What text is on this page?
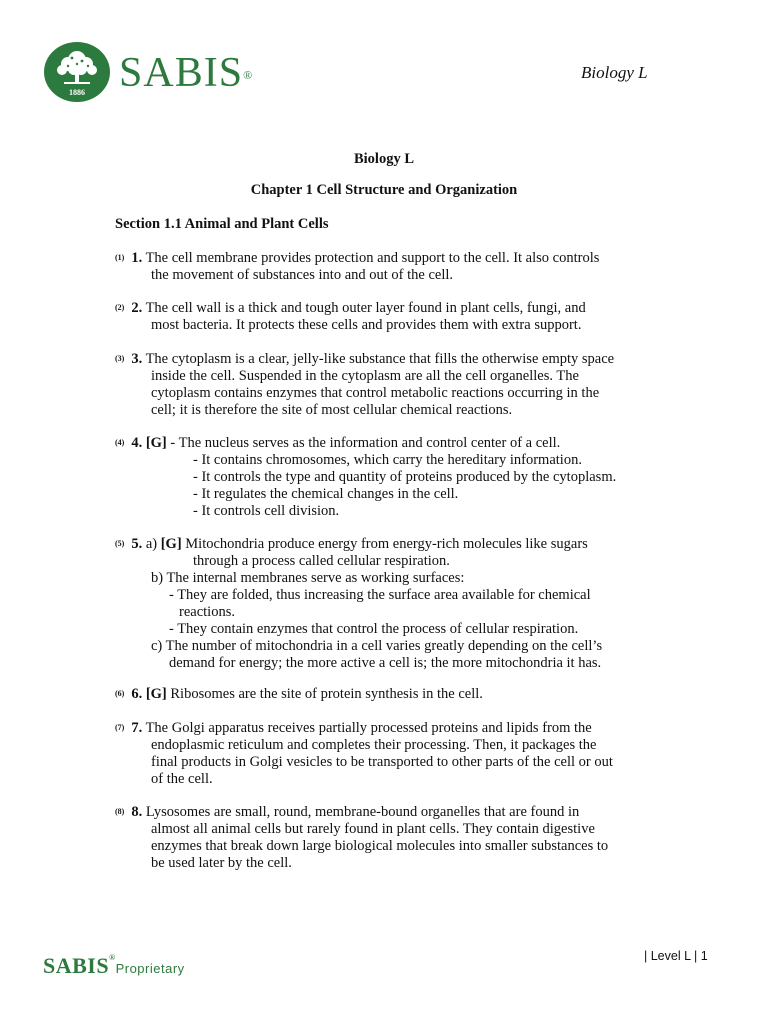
1886 SABIS®	Biology L
Biology L
Chapter 1 Cell Structure and Organization
Section 1.1 Animal and Plant Cells
$^{(1)}$ 1. The cell membrane provides protection and support to the cell. It also controls
the movement of substances into and out of the cell.
$^{(2)}$ 2. The cell wall is a thick and tough outer layer found in plant cells, fungi, and
most bacteria. It protects these cells and provides them with extra support.
$^{(3)}$ 3. The cytoplasm is a clear, jelly-like substance that fills the otherwise empty space
inside the cell. Suspended in the cytoplasm are all the cell organelles. The
cytoplasm contains enzymes that control metabolic reactions occurring in the
cell; it is therefore the site of most cellular chemical reactions.
$^{(4)}$ 4. [G] - The nucleus serves as the information and control center of a cell.
- It contains chromosomes, which carry the hereditary information.
- It controls the type and quantity of proteins produced by the cytoplasm.
- It regulates the chemical changes in the cell.
- It controls cell division.
$^{(5)}$ 5. a) [G] Mitochondria produce energy from energy-rich molecules like sugars
through a process called cellular respiration.
b) The internal membranes serve as working surfaces:
- They are folded, thus increasing the surface area available for chemical
reactions.
- They contain enzymes that control the process of cellular respiration.
c) The number of mitochondria in a cell varies greatly depending on the cell’s
demand for energy; the more active a cell is; the more mitochondria it has.
$^{(6)}$ 6. [G] Ribosomes are the site of protein synthesis in the cell.
$^{(7)}$ 7. The Golgi apparatus receives partially processed proteins and lipids from the
endoplasmic reticulum and completes their processing. Then, it packages the
final products in Golgi vesicles to be transported to other parts of the cell or out
of the cell.
$^{(8)}$ 8. Lysosomes are small, round, membrane-bound organelles that are found in
almost all animal cells but rarely found in plant cells. They contain digestive
enzymes that break down large biological molecules into smaller substances to
be used later by the cell.
SABIS®Proprietary
| Level L | 1
